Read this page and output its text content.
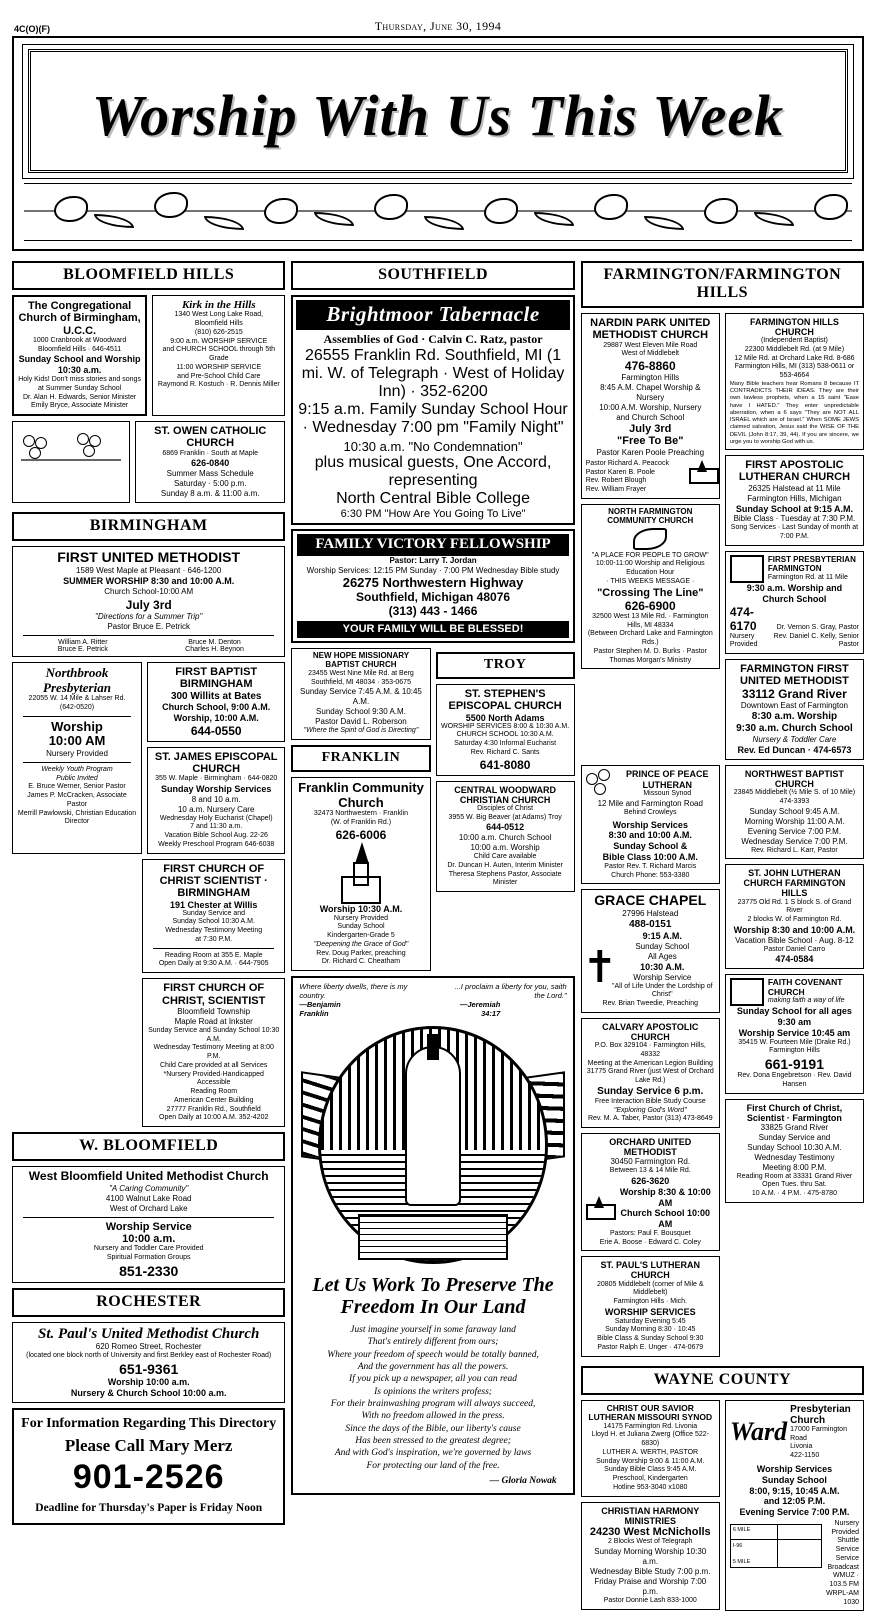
4C(O)(F)	Thursday, June 30, 1994
Worship With Us This Week
BLOOMFIELD HILLS
The Congregational Church of Birmingham, U.C.C.
1000 Cranbrook at Woodward
Bloomfield Hills · 646-4511
Sunday School and Worship
10:30 a.m.
Holy Kids! Don't miss stories and songs at Summer Sunday School
Dr. Alan H. Edwards, Senior Minister
Emily Bryce, Associate Minister
Kirk in the Hills
1340 West Long Lake Road, Bloomfield Hills
(810) 626-2515
9:00 a.m. WORSHIP SERVICE
and CHURCH SCHOOL through 5th Grade
11:00 WORSHIP SERVICE
and Pre-School Child Care
Raymond R. Kostuch · R. Dennis Miller
ST. OWEN CATHOLIC CHURCH
6869 Franklin · South at Maple
626-0840
Summer Mass Schedule
Saturday · 5:00 p.m.
Sunday 8 a.m. & 11:00 a.m.
BIRMINGHAM
FIRST UNITED METHODIST
1589 West Maple at Pleasant · 646-1200
SUMMER WORSHIP 8:30 and 10:00 A.M.
Church School-10:00 AM
July 3rd
"Directions for a Summer Trip"
Pastor Bruce E. Petrick
William A. Ritter	Bruce M. Denton
Bruce E. Petrick	Charles H. Beynon
Northbrook Presbyterian
22055 W. 14 Mile & Lahser Rd.
(642-0520)
Worship
10:00 AM
Nursery Provided
Weekly Youth Program
Public Invited
E. Bruce Werner, Senior Pastor
James P. McCracken, Associate Pastor
Merrill Pawlowski, Christian Education Director
FIRST BAPTIST BIRMINGHAM
300 Willits at Bates
Church School, 9:00 A.M.
Worship, 10:00 A.M.
644-0550
ST. JAMES EPISCOPAL CHURCH
355 W. Maple · Birmingham · 644-0820
Sunday Worship Services
8 and 10 a.m.
10 a.m. Nursery Care
Wednesday Holy Eucharist (Chapel)
7 and 11:30 a.m.
Vacation Bible School Aug. 22-26
Weekly Preschool Program 646-6038
FIRST CHURCH OF CHRIST SCIENTIST · BIRMINGHAM
191 Chester at Willis
Sunday Service and
Sunday School 10:30 A.M.
Wednesday Testimony Meeting
at 7:30 P.M.
Reading Room at 355 E. Maple
Open Daily at 9:30 A.M. · 644-7905
FIRST CHURCH OF CHRIST, SCIENTIST
Bloomfield Township
Maple Road at Inkster
Sunday Service and Sunday School 10:30 A.M.
Wednesday Testimony Meeting at 8:00 P.M.
Child Care provided at all Services
*Nursery Provided·Handicapped Accessible
Reading Room
American Center Building
27777 Franklin Rd., Southfield
Open Daily at 10:00 A.M. 352-4202
W. BLOOMFIELD
West Bloomfield United Methodist Church
"A Caring Community"
4100 Walnut Lake Road
West of Orchard Lake
Worship Service
10:00 a.m.
Nursery and Toddler Care Provided
Spiritual Formation Groups
851-2330
ROCHESTER
St. Paul's United Methodist Church
620 Romeo Street, Rochester
(located one block north of University and first Berkley east of Rochester Road)
651-9361
Worship 10:00 a.m.
Nursery & Church School 10:00 a.m.
For Information Regarding This Directory
Please Call Mary Merz
901-2526
Deadline for Thursday's Paper is Friday Noon
SOUTHFIELD
Brightmoor Tabernacle
Assemblies of God · Calvin C. Ratz, pastor
26555 Franklin Rd. Southfield, MI (1 mi. W. of Telegraph · West of Holiday Inn) · 352-6200
9:15 a.m. Family Sunday School Hour · Wednesday 7:00 pm "Family Night"
10:30 a.m. "No Condemnation"
plus musical guests, One Accord, representing
North Central Bible College
6:30 PM "How Are You Going To Live"
FAMILY VICTORY FELLOWSHIP
Pastor: Larry T. Jordan
Worship Services: 12:15 PM Sunday · 7:00 PM Wednesday Bible study
26275 Northwestern Highway
Southfield, Michigan 48076
(313) 443 - 1466
YOUR FAMILY WILL BE BLESSED!
NEW HOPE MISSIONARY BAPTIST CHURCH
23455 West Nine Mile Rd. at Berg
Southfield, MI 48034 · 353-0675
Sunday Service 7:45 A.M. & 10:45 A.M.
Sunday School 9:30 A.M.
Pastor David L. Roberson
"Where the Spirit of God is Directing"
FRANKLIN
Franklin Community Church
32473 Northwestern · Franklin
(W. of Franklin Rd.)
626-6006
Worship 10:30 A.M.
Nursery Provided
Sunday School
Kindergarten-Grade 5
"Deepening the Grace of God"
Rev. Doug Parker, preaching
Dr. Richard C. Cheatham
TROY
ST. STEPHEN'S EPISCOPAL CHURCH
5500 North Adams
WORSHIP SERVICES 8:00 & 10:30 A.M.
CHURCH SCHOOL 10:30 A.M.
Saturday 4:30 Informal Eucharist
Rev. Richard C. Sants
641-8080
CENTRAL WOODWARD CHRISTIAN CHURCH
Disciples of Christ
3955 W. Big Beaver (at Adams) Troy
644-0512
10:00 a.m. Church School
10:00 a.m. Worship
Child Care available
Dr. Duncan H. Auten, Interim Minister
Theresa Stephens Pastor, Associate Minister
Where liberty dwells, there is my country.
—Benjamin Franklin
...I proclaim a liberty for you, saith the Lord."
—Jeremiah 34:17
Let Us Work To Preserve The Freedom In Our Land
Just imagine yourself in some faraway land
That's entirely different from ours;
Where your freedom of speech would be totally banned,
And the government has all the powers.
If you pick up a newspaper, all you can read
Is opinions the writers profess;
For their brainwashing program will always succeed,
With no freedom allowed in the press.
Since the days of the Bible, our liberty's cause
Has been stressed to the greatest degree;
And with God's inspiration, we're governed by laws
For protecting our land of the free.
— Gloria Nowak
FARMINGTON/FARMINGTON HILLS
NARDIN PARK UNITED METHODIST CHURCH
29887 West Eleven Mile Road
West of Middlebelt
476-8860
Farmington Hills
8:45 A.M. Chapel Worship & Nursery
10:00 A.M. Worship, Nursery
and Church School
July 3rd
"Free To Be"
Pastor Karen Poole Preaching
Pastor Richard A. Peacock
Pastor Karen B. Poole
Rev. Robert Blough
Rev. William Frayer
NORTH FARMINGTON COMMUNITY CHURCH
"A PLACE FOR PEOPLE TO GROW"
10:00-11:00 Worship and Religious Education Hour
· THIS WEEKS MESSAGE ·
"Crossing The Line"
626-6900
32500 West 13 Mile Rd. · Farmington Hills, MI 48334
(Between Orchard Lake and Farmington Rds.)
Pastor Stephen M. D. Burks · Pastor Thomas Morgan's Ministry
FARMINGTON HILLS CHURCH
(Independent Baptist)
22300 Middlebelt Rd. (at 9 Mile)
12 Mile Rd. at Orchard Lake Rd. 8-686
Farmington Hills, MI (313) 538-0611 or 553-4664
Many Bible teachers hear Romans 8 because IT CONTRADICTS THEIR IDEAS. They are their own lawless prophets, when a 15 saint "Ease have I HATED." They enter unpredictable aberration, when a 6 says "They are NOT ALL ISRAEL which are of Israel." When SOME JEWS claimed salvation, Jesus said the WISE OF THE DEVIL (John 8:17, 39, 44). If you are sincere, we urge you to worship God with us.
FIRST APOSTOLIC LUTHERAN CHURCH
26325 Halstead at 11 Mile
Farmington Hills, Michigan
Sunday School at 9:15 A.M.
Bible Class · Tuesday at 7:30 P.M.
Song Services · Last Sunday of month at 7:00 P.M.
FIRST PRESBYTERIAN FARMINGTON
Farmington Rd. at 11 Mile
9:30 a.m. Worship and Church School
474-6170
Nursery Provided
Dr. Vernon S. Gray, Pastor
Rev. Daniel C. Kelly, Senior Pastor
FARMINGTON FIRST UNITED METHODIST
33112 Grand River
Downtown East of Farmington
8:30 a.m. Worship
9:30 a.m. Church School
Nursery & Toddler Care
Rev. Ed Duncan · 474-6573
PRINCE OF PEACE LUTHERAN
Missouri Synod
12 Mile and Farmington Road
Behind Crowleys
Worship Services
8:30 and 10:00 A.M.
Sunday School &
Bible Class 10:00 A.M.
Pastor Rev. T. Richard Marcis
Church Phone: 553-3380
GRACE CHAPEL
27996 Halstead
488-0151
9:15 A.M.
Sunday School
All Ages
10:30 A.M.
Worship Service
"All of Life Under the Lordship of Christ"
Rev. Brian Tweedie, Preaching
CALVARY APOSTOLIC CHURCH
P.O. Box 329104 · Farmington Hills, 48332
Meeting at the American Legion Building
31775 Grand River (just West of Orchard Lake Rd.)
Sunday Service 6 p.m.
Free Interaction Bible Study Course
"Exploring God's Word"
Rev. M. A. Taber, Pastor (313) 473-8649
ORCHARD UNITED METHODIST
30450 Farmington Rd.
Between 13 & 14 Mile Rd.
626-3620
Worship 8:30 & 10:00 AM
Church School 10:00 AM
Pastors: Paul F. Bousquet
Erie A. Boose · Edward C. Coley
ST. PAUL'S LUTHERAN CHURCH
20805 Middlebelt (corner of Mile & Middlebelt)
Farmington Hills · Mich.
WORSHIP SERVICES
Saturday Evening 5:45
Sunday Morning 8:30 · 10:45
Bible Class & Sunday School 9:30
Pastor Ralph E. Unger · 474-0679
NORTHWEST BAPTIST CHURCH
23845 Middlebelt (½ Mile S. of 10 Mile) 474-3393
Sunday School 9:45 A.M.
Morning Worship 11:00 A.M.
Evening Service 7:00 P.M.
Wednesday Service 7:00 P.M.
Rev. Richard L. Karr, Pastor
ST. JOHN LUTHERAN CHURCH FARMINGTON HILLS
23775 Old Rd. 1 S block S. of Grand River
2 blocks W. of Farmington Rd.
Worship 8:30 and 10:00 A.M.
Vacation Bible School · Aug. 8-12
Pastor Daniel Carro
474-0584
FAITH COVENANT CHURCH
making faith a way of life
Sunday School for all ages 9:30 am
Worship Service 10:45 am
35415 W. Fourteen Mile (Drake Rd.)
Farmington Hills
661-9191
Rev. Dona Engebretson · Rev. David Hansen
First Church of Christ, Scientist · Farmington
33825 Grand River
Sunday Service and
Sunday School 10:30 A.M.
Wednesday Testimony
Meeting 8:00 P.M.
Reading Room at 33331 Grand River
Open Tues. thru Sat.
10 A.M. · 4 P.M. · 475-8780
WAYNE COUNTY
CHRIST OUR SAVIOR LUTHERAN MISSOURI SYNOD
14175 Farmington Rd. Livonia
Lloyd H. et Juliana Zwerg (Office 522-6830)
LUTHER A. WERTH, PASTOR
Sunday Worship 9:00 & 11:00 A.M.
Sunday Bible Class 9:45 A.M.
Preschool, Kindergarten
Hotline 953-3040 x1080
CHRISTIAN HARMONY MINISTRIES
24230 West McNicholls
2 Blocks West of Telegraph
Sunday Morning Worship 10:30 a.m.
Wednesday Bible Study 7:00 p.m.
Friday Praise and Worship 7:00 p.m.
Pastor Donnie Lash 833-1000
Ward
Presbyterian Church
17000 Farmington Road
Livonia
422-1150
Worship Services
Sunday School
8:00, 9:15, 10:45 A.M.
and 12:05 P.M.
Evening Service 7:00 P.M.
6 MILE
I-96
5 MILE
Nursery Provided
Shuttle Service
Service Broadcast
WMUZ · 103.5 FM
WRPL-AM 1030
